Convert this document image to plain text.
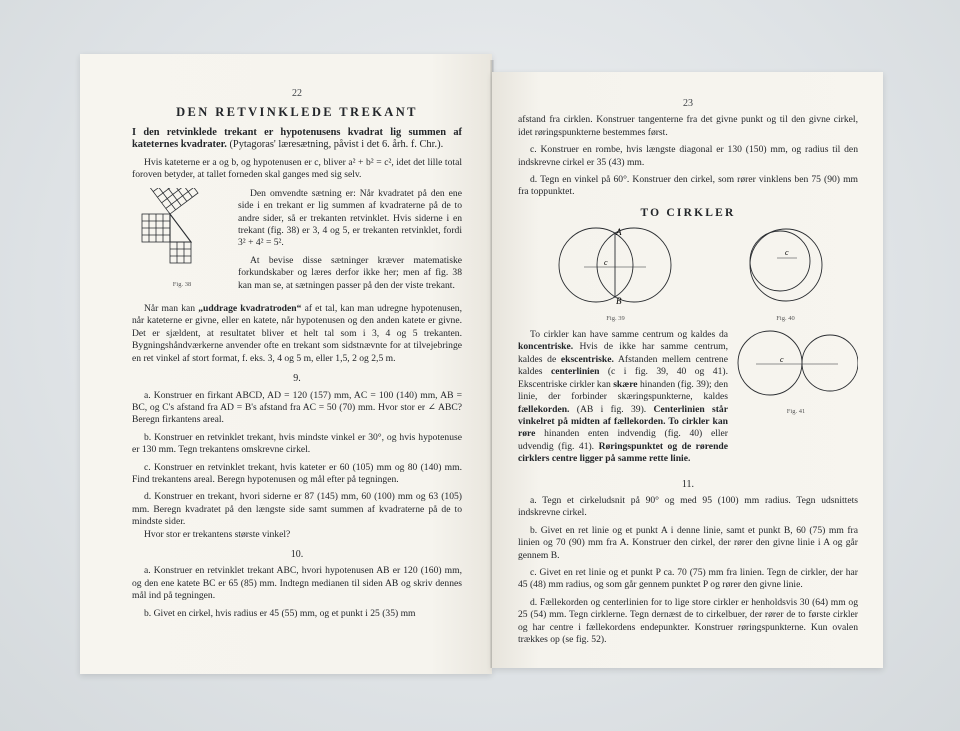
22
DEN RETVINKLEDE TREKANT

I den retvinklede trekant er hypotenusens kvadrat lig summen af kateternes kvadrater. (Pytagoras' læresætning, påvist i det 6. årh. f. Chr.).

Hvis kateterne er a og b, og hypotenusen er c, bliver a² + b² = c², idet det lille total foroven betyder, at tallet forneden skal ganges med sig selv.

Fig. 38

Den omvendte sætning er: Når kvadratet på den ene side i en trekant er lig summen af kvadraterne på de to andre sider, så er trekanten retvinklet. Hvis siderne i en trekant (fig. 38) er 3, 4 og 5, er trekanten retvinklet, fordi 3² + 4² = 5².

At bevise disse sætninger kræver matematiske forkundskaber og læres derfor ikke her; men af fig. 38 kan man se, at sætningen passer på den der viste trekant.

Når man kan „uddrage kvadratroden“ af et tal, kan man udregne hypotenusen, når kateterne er givne, eller en katete, når hypotenusen og den anden katete er givne. Det er sjældent, at resultatet bliver et helt tal som i 3, 4 og 5 trekanten. Bygningshåndværkerne anvender ofte en trekant som sidstnævnte for at tilvejebringe en ret vinkel af stort format, f. eks. 3, 4 og 5 m, eller 1,5, 2 og 2,5 m.

9.

a. Konstruer en firkant ABCD, AD = 120 (157) mm, AC = 100 (140) mm, AB = BC, og C's afstand fra AD = B's afstand fra AC = 50 (70) mm. Hvor stor er ∠ ABC? Beregn firkantens areal.

b. Konstruer en retvinklet trekant, hvis mindste vinkel er 30°, og hvis hypotenuse er 130 mm. Tegn trekantens omskrevne cirkel.

c. Konstruer en retvinklet trekant, hvis kateter er 60 (105) mm og 80 (140) mm. Find trekantens areal. Beregn hypotenusen og mål efter på tegningen.

d. Konstruer en trekant, hvori siderne er 87 (145) mm, 60 (100) mm og 63 (105) mm. Beregn kvadratet på den længste side samt summen af kvadraterne på de to mindste sider.

Hvor stor er trekantens største vinkel?

10.

a. Konstruer en retvinklet trekant ABC, hvori hypotenusen AB er 120 (160) mm, og den ene katete BC er 65 (85) mm. Indtegn medianen til siden AB og skriv dennes mål ind på tegningen.

b. Givet en cirkel, hvis radius er 45 (55) mm, og et punkt i 25 (35) mm

23

afstand fra cirklen. Konstruer tangenterne fra det givne punkt og til den givne cirkel, idet røringspunkterne bestemmes først.

c. Konstruer en rombe, hvis længste diagonal er 130 (150) mm, og radius til den indskrevne cirkel er 35 (43) mm.

d. Tegn en vinkel på 60°. Konstruer den cirkel, som rører vinklens ben 75 (90) mm fra toppunktet.

TO CIRKLER
A
B
c
Fig. 39
c
Fig. 40

To cirkler kan have samme centrum og kaldes da koncentriske. Hvis de ikke har samme centrum, kaldes de ekscentriske. Afstanden mellem centrene kaldes centerlinien (c i fig. 39, 40 og 41). Ekscentriske cirkler kan skære hinanden (fig. 39); den linie, der forbinder skæringspunkterne, kaldes fællekorden. (AB i fig. 39). Centerlinien står vinkelret på midten af fællekorden. To cirkler kan røre hinanden enten indvendig (fig. 40) eller udvendig (fig. 41). Røringspunktet og de rørende cirklers centre ligger på samme rette linie.

c
Fig. 41
11.

a. Tegn et cirkeludsnit på 90° og med 95 (100) mm radius. Tegn udsnittets indskrevne cirkel.

b. Givet en ret linie og et punkt A i denne linie, samt et punkt B, 60 (75) mm fra linien og 70 (90) mm fra A. Konstruer den cirkel, der rører den givne linie i A og går gennem B.

c. Givet en ret linie og et punkt P ca. 70 (75) mm fra linien. Tegn de cirkler, der har 45 (48) mm radius, og som går gennem punktet P og rører den givne linie.

d. Fællekorden og centerlinien for to lige store cirkler er henholdsvis 30 (64) mm og 25 (54) mm. Tegn cirklerne. Tegn dernæst de to cirkelbuer, der rører de to første cirkler og har centre i fællekordens endepunkter. Konstruer røringspunkterne. Kun ovalen trækkes op (se fig. 52).
